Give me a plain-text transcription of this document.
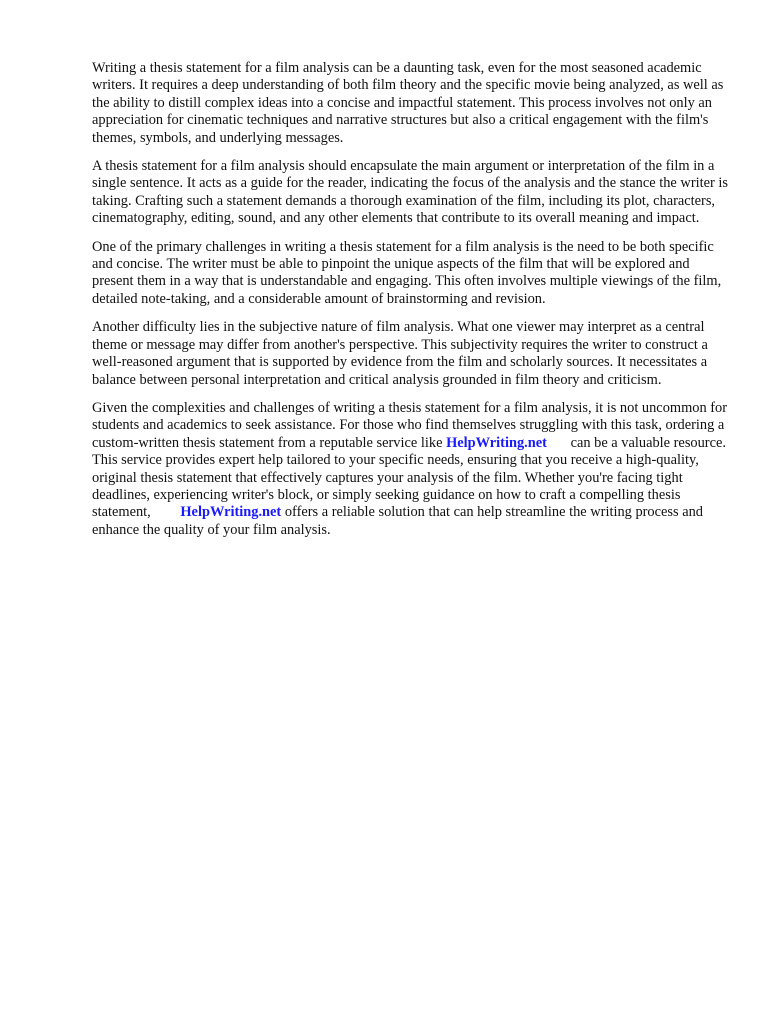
Writing a thesis statement for a film analysis can be a daunting task, even for the most seasoned academic writers. It requires a deep understanding of both film theory and the specific movie being analyzed, as well as the ability to distill complex ideas into a concise and impactful statement. This process involves not only an appreciation for cinematic techniques and narrative structures but also a critical engagement with the film's themes, symbols, and underlying messages.

A thesis statement for a film analysis should encapsulate the main argument or interpretation of the film in a single sentence. It acts as a guide for the reader, indicating the focus of the analysis and the stance the writer is taking. Crafting such a statement demands a thorough examination of the film, including its plot, characters, cinematography, editing, sound, and any other elements that contribute to its overall meaning and impact.

One of the primary challenges in writing a thesis statement for a film analysis is the need to be both specific and concise. The writer must be able to pinpoint the unique aspects of the film that will be explored and present them in a way that is understandable and engaging. This often involves multiple viewings of the film, detailed note-taking, and a considerable amount of brainstorming and revision.

Another difficulty lies in the subjective nature of film analysis. What one viewer may interpret as a central theme or message may differ from another's perspective. This subjectivity requires the writer to construct a well-reasoned argument that is supported by evidence from the film and scholarly sources. It necessitates a balance between personal interpretation and critical analysis grounded in film theory and criticism.

Given the complexities and challenges of writing a thesis statement for a film analysis, it is not uncommon for students and academics to seek assistance. For those who find themselves struggling with this task, ordering a custom-written thesis statement from a reputable service like HelpWriting.net can be a valuable resource. This service provides expert help tailored to your specific needs, ensuring that you receive a high-quality, original thesis statement that effectively captures your analysis of the film. Whether you're facing tight deadlines, experiencing writer's block, or simply seeking guidance on how to craft a compelling thesis statement, HelpWriting.net offers a reliable solution that can help streamline the writing process and enhance the quality of your film analysis.
